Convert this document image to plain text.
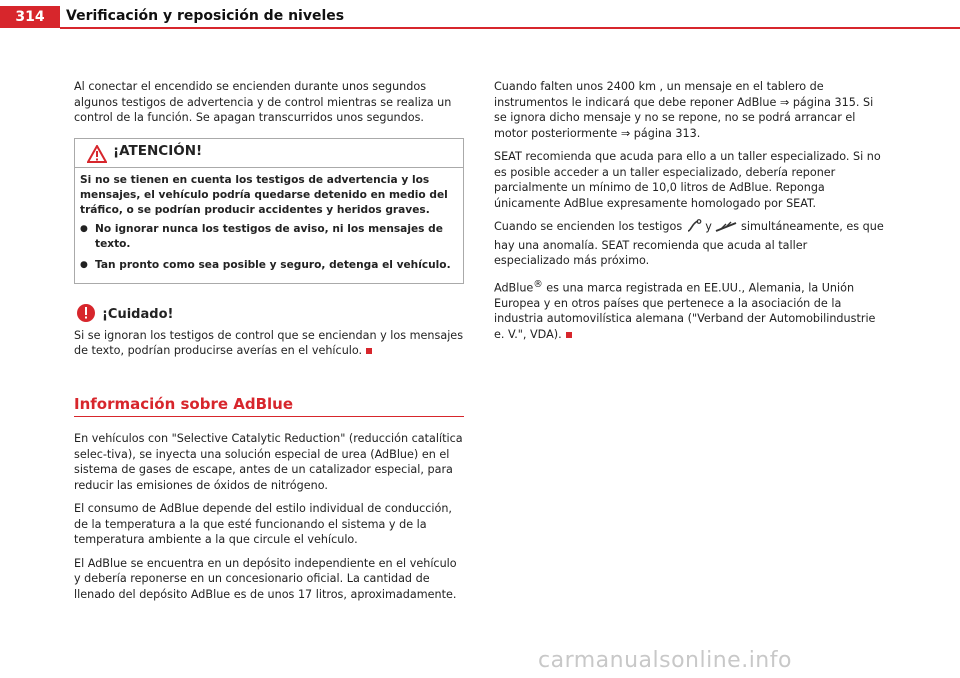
314	Verificación y reposición de niveles

Al conectar el encendido se encienden durante unos segundos algunos testigos de advertencia y de control mientras se realiza un control de la función. Se apagan transcurridos unos segundos.

¡ATENCIÓN!
Si no se tienen en cuenta los testigos de advertencia y los mensajes, el vehículo podría quedarse detenido en medio del tráfico, o se podrían producir accidentes y heridos graves.
● No ignorar nunca los testigos de aviso, ni los mensajes de texto.
● Tan pronto como sea posible y seguro, detenga el vehículo.
¡Cuidado!

Si se ignoran los testigos de control que se enciendan y los mensajes de texto, podrían producirse averías en el vehículo.

Información sobre AdBlue

En vehículos con "Selective Catalytic Reduction" (reducción catalítica selec-tiva), se inyecta una solución especial de urea (AdBlue) en el sistema de gases de escape, antes de un catalizador especial, para reducir las emisiones de óxidos de nitrógeno.

El consumo de AdBlue depende del estilo individual de conducción, de la temperatura a la que esté funcionando el sistema y de la temperatura ambiente a la que circule el vehículo.

El AdBlue se encuentra en un depósito independiente en el vehículo y debería reponerse en un concesionario oficial. La cantidad de llenado del depósito AdBlue es de unos 17 litros, aproximadamente.

Cuando falten unos 2400 km , un mensaje en el tablero de instrumentos le indicará que debe reponer AdBlue ⇒ página 315. Si se ignora dicho mensaje y no se repone, no se podrá arrancar el motor posteriormente ⇒ página 313.

SEAT recomienda que acuda para ello a un taller especializado. Si no es posible acceder a un taller especializado, debería reponer parcialmente un mínimo de 10,0 litros de AdBlue. Reponga únicamente AdBlue expresamente homologado por SEAT.

Cuando se encienden los testigos y	simultáneamente, es que hay una anomalía. SEAT recomienda que acuda al taller especializado más próximo.

AdBlue® es una marca registrada en EE.UU., Alemania, la Unión Europea y en otros países que pertenece a la asociación de la industria automovilística alemana ("Verband der Automobilindustrie e. V.", VDA).

carmanualsonline.info
